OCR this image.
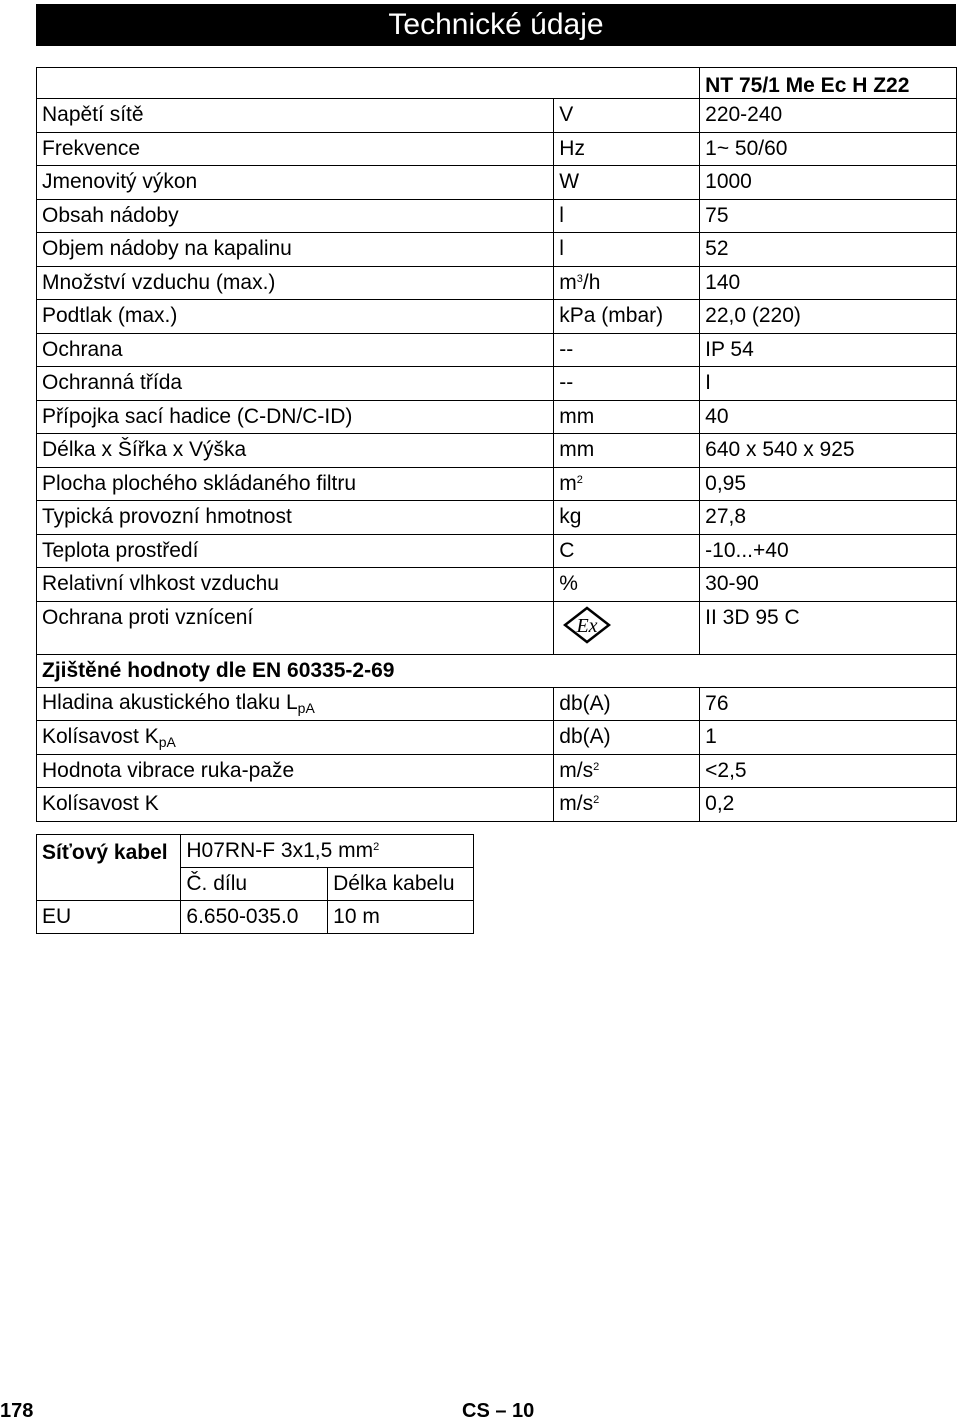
Technické údaje
		NT 75/1 Me Ec H Z22
Napětí sítě	V	220-240
Frekvence	Hz	1~ 50/60
Jmenovitý výkon	W	1000
Obsah nádoby	l	75
Objem nádoby na kapalinu	l	52
Množství vzduchu (max.)	$m^3/h$	140
Podtlak (max.)	kPa (mbar)	22,0 (220)
Ochrana	--	IP 54
Ochranná třída	--	I
Přípojka sací hadice (C-DN/C-ID)	mm	40
Délka x Šířka x Výška	mm	640 x 540 x 925
Plocha plochého skládaného filtru	$m^2$	0,95
Typická provozní hmotnost	kg	27,8
Teplota prostředí	C	-10...+40
Relativní vlhkost vzduchu	%	30-90
Ochrana proti vznícení	Ex	II 3D 95 C
Zjištěné hodnoty dle EN 60335-2-69		
Hladina akustického tlaku $L_{pA}$	db(A)	76
Kolísavost $K_{pA}$	db(A)	1
Hodnota vibrace ruka-paže	$m/s^2$	<2,5
Kolísavost K	$m/s^2$	0,2
Síťový kabel	H07RN-F 3x1,5 $mm^2$
	Č. dílu	Délka kabelu
EU	6.650-035.0	10 m
178	CS – 10
